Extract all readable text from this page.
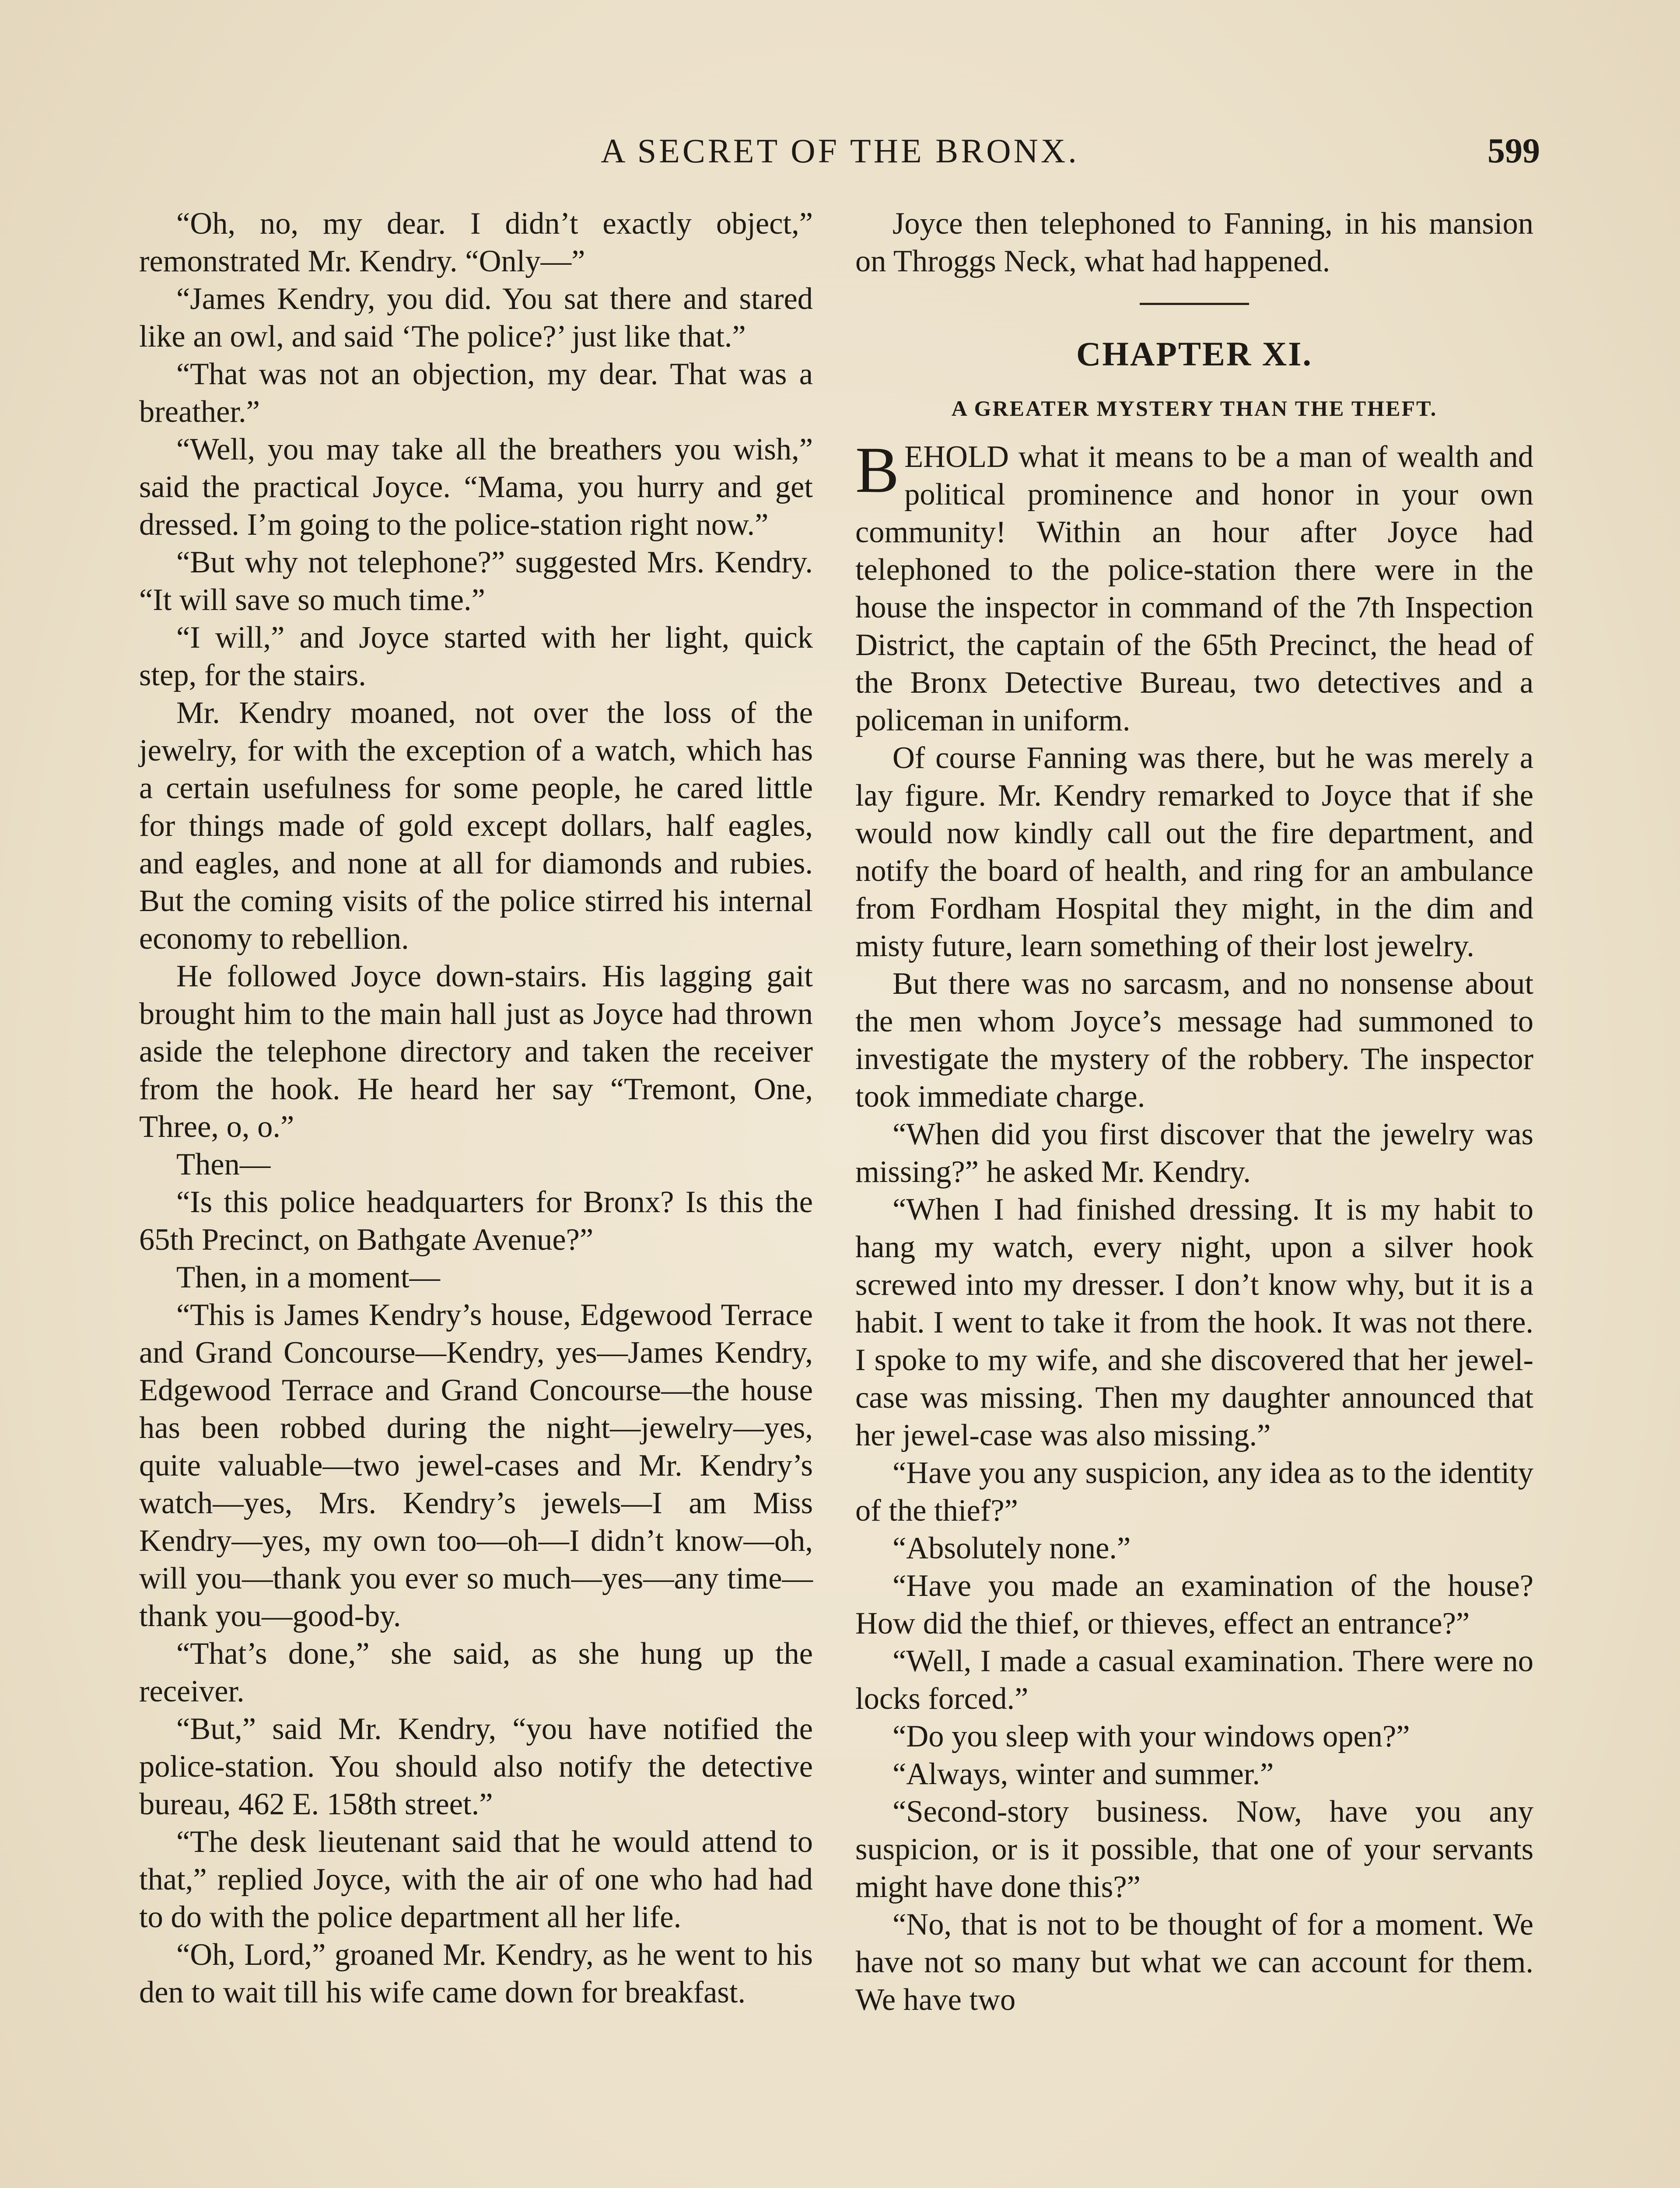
A SECRET OF THE BRONX.	599

“Oh, no, my dear. I didn’t exactly object,” remonstrated Mr. Kendry. “Only—”

“James Kendry, you did. You sat there and stared like an owl, and said ‘The police?’ just like that.”

“That was not an objection, my dear. That was a breather.”

“Well, you may take all the breathers you wish,” said the practical Joyce. “Mama, you hurry and get dressed. I’m going to the police-station right now.”

“But why not telephone?” suggested Mrs. Kendry. “It will save so much time.”

“I will,” and Joyce started with her light, quick step, for the stairs.

Mr. Kendry moaned, not over the loss of the jewelry, for with the exception of a watch, which has a certain usefulness for some people, he cared little for things made of gold except dollars, half eagles, and eagles, and none at all for diamonds and rubies. But the coming visits of the police stirred his internal economy to rebellion.

He followed Joyce down-stairs. His lagging gait brought him to the main hall just as Joyce had thrown aside the telephone directory and taken the receiver from the hook. He heard her say “Tremont, One, Three, o, o.”

Then—

“Is this police headquarters for Bronx? Is this the 65th Precinct, on Bathgate Avenue?”

Then, in a moment—

“This is James Kendry’s house, Edgewood Terrace and Grand Concourse—Kendry, yes—James Kendry, Edgewood Terrace and Grand Concourse—the house has been robbed during the night—jewelry—yes, quite valuable—two jewel-cases and Mr. Kendry’s watch—yes, Mrs. Kendry’s jewels—I am Miss Kendry—yes, my own too—oh—I didn’t know—oh, will you—thank you ever so much—yes—any time—thank you—good-by.

“That’s done,” she said, as she hung up the receiver.

“But,” said Mr. Kendry, “you have notified the police-station. You should also notify the detective bureau, 462 E. 158th street.”

“The desk lieutenant said that he would attend to that,” replied Joyce, with the air of one who had had to do with the police department all her life.

“Oh, Lord,” groaned Mr. Kendry, as he went to his den to wait till his wife came down for breakfast.

Joyce then telephoned to Fanning, in his mansion on Throggs Neck, what had happened.

CHAPTER XI.
A GREATER MYSTERY THAN THE THEFT.

BEHOLD what it means to be a man of wealth and political prominence and honor in your own community! Within an hour after Joyce had telephoned to the police-station there were in the house the inspector in command of the 7th Inspection District, the captain of the 65th Precinct, the head of the Bronx Detective Bureau, two detectives and a policeman in uniform.

Of course Fanning was there, but he was merely a lay figure. Mr. Kendry remarked to Joyce that if she would now kindly call out the fire department, and notify the board of health, and ring for an ambulance from Fordham Hospital they might, in the dim and misty future, learn something of their lost jewelry.

But there was no sarcasm, and no nonsense about the men whom Joyce’s message had summoned to investigate the mystery of the robbery. The inspector took immediate charge.

“When did you first discover that the jewelry was missing?” he asked Mr. Kendry.

“When I had finished dressing. It is my habit to hang my watch, every night, upon a silver hook screwed into my dresser. I don’t know why, but it is a habit. I went to take it from the hook. It was not there. I spoke to my wife, and she discovered that her jewel-case was missing. Then my daughter announced that her jewel-case was also missing.”

“Have you any suspicion, any idea as to the identity of the thief?”

“Absolutely none.”

“Have you made an examination of the house? How did the thief, or thieves, effect an entrance?”

“Well, I made a casual examination. There were no locks forced.”

“Do you sleep with your windows open?”

“Always, winter and summer.”

“Second-story business. Now, have you any suspicion, or is it possible, that one of your servants might have done this?”

“No, that is not to be thought of for a moment. We have not so many but what we can account for them. We have two
